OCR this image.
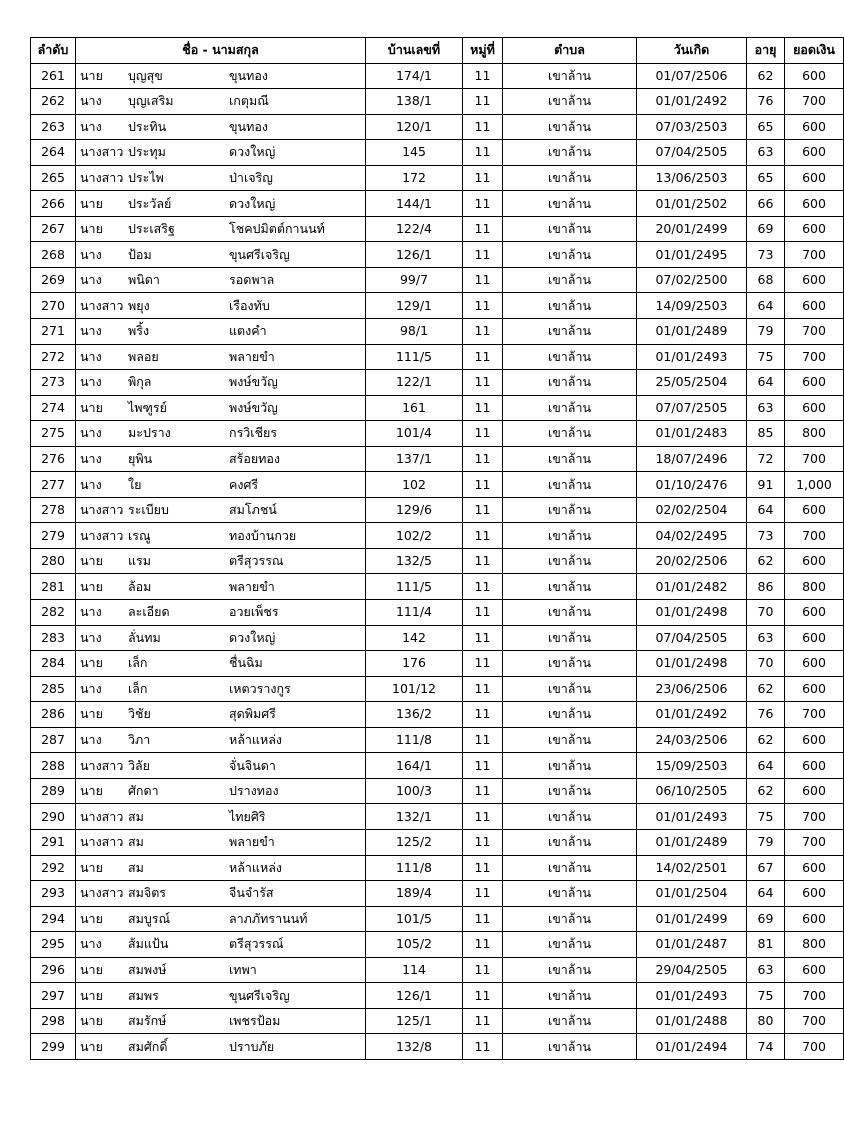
ลำดับ	ชื่อ - นามสกุล	บ้านเลขที่	หมู่ที่	ตำบล	วันเกิด	อายุ	ยอดเงิน
261	นาย บุญสุข ขุนทอง	174/1	11	เขาล้าน	01/07/2506	62	600
262	นาง บุญเสริม เกตุมณี	138/1	11	เขาล้าน	01/01/2492	76	700
263	นาง ประทิน ขุนทอง	120/1	11	เขาล้าน	07/03/2503	65	600
264	นางสาว ประทุม ดวงใหญ่	145	11	เขาล้าน	07/04/2505	63	600
265	นางสาว ประไพ ป่าเจริญ	172	11	เขาล้าน	13/06/2503	65	600
266	นาย ประวัลย์ ดวงใหญ่	144/1	11	เขาล้าน	01/01/2502	66	600
267	นาย ประเสริฐ โชคปมิตต์กานนท์	122/4	11	เขาล้าน	20/01/2499	69	600
268	นาง ป้อม ขุนศรีเจริญ	126/1	11	เขาล้าน	01/01/2495	73	700
269	นาง พนิดา รอดพาล	99/7	11	เขาล้าน	07/02/2500	68	600
270	นางสาว พยุง เรืองทับ	129/1	11	เขาล้าน	14/09/2503	64	600
271	นาง พริ้ง แตงคำ	98/1	11	เขาล้าน	01/01/2489	79	700
272	นาง พลอย พลายขำ	111/5	11	เขาล้าน	01/01/2493	75	700
273	นาง พิกุล พงษ์ขวัญ	122/1	11	เขาล้าน	25/05/2504	64	600
274	นาย ไพฑูรย์ พงษ์ขวัญ	161	11	เขาล้าน	07/07/2505	63	600
275	นาง มะปราง กรวิเชียร	101/4	11	เขาล้าน	01/01/2483	85	800
276	นาง ยุพิน สร้อยทอง	137/1	11	เขาล้าน	18/07/2496	72	700
277	นาง ใย คงศรี	102	11	เขาล้าน	01/10/2476	91	1,000
278	นางสาว ระเบียบ สมโภชน์	129/6	11	เขาล้าน	02/02/2504	64	600
279	นางสาว เรณู ทองบ้านกวย	102/2	11	เขาล้าน	04/02/2495	73	700
280	นาย แรม ตรีสุวรรณ	132/5	11	เขาล้าน	20/02/2506	62	600
281	นาย ล้อม พลายขำ	111/5	11	เขาล้าน	01/01/2482	86	800
282	นาง ละเอียด อวยเพ็ชร	111/4	11	เขาล้าน	01/01/2498	70	600
283	นาง ลั่นทม ดวงใหญ่	142	11	เขาล้าน	07/04/2505	63	600
284	นาย เล็ก ชื่นฉิม	176	11	เขาล้าน	01/01/2498	70	600
285	นาง เล็ก เหตวรางกูร	101/12	11	เขาล้าน	23/06/2506	62	600
286	นาย วิชัย สุดพิมศรี	136/2	11	เขาล้าน	01/01/2492	76	700
287	นาง วิภา หล้าแหล่ง	111/8	11	เขาล้าน	24/03/2506	62	600
288	นางสาว วิลัย จั่นจินดา	164/1	11	เขาล้าน	15/09/2503	64	600
289	นาย ศักดา ปรางทอง	100/3	11	เขาล้าน	06/10/2505	62	600
290	นางสาว สม ไทยศิริ	132/1	11	เขาล้าน	01/01/2493	75	700
291	นางสาว สม พลายขำ	125/2	11	เขาล้าน	01/01/2489	79	700
292	นาย สม หล้าแหล่ง	111/8	11	เขาล้าน	14/02/2501	67	600
293	นางสาว สมจิตร จีนจำรัส	189/4	11	เขาล้าน	01/01/2504	64	600
294	นาย สมบูรณ์ ลาภภัทรานนท์	101/5	11	เขาล้าน	01/01/2499	69	600
295	นาง ส้มแป้น ตรีสุวรรณ์	105/2	11	เขาล้าน	01/01/2487	81	800
296	นาย สมพงษ์ เทพา	114	11	เขาล้าน	29/04/2505	63	600
297	นาย สมพร ขุนศรีเจริญ	126/1	11	เขาล้าน	01/01/2493	75	700
298	นาย สมรักษ์ เพชรป้อม	125/1	11	เขาล้าน	01/01/2488	80	700
299	นาย สมศักดิ์ ปราบภัย	132/8	11	เขาล้าน	01/01/2494	74	700
